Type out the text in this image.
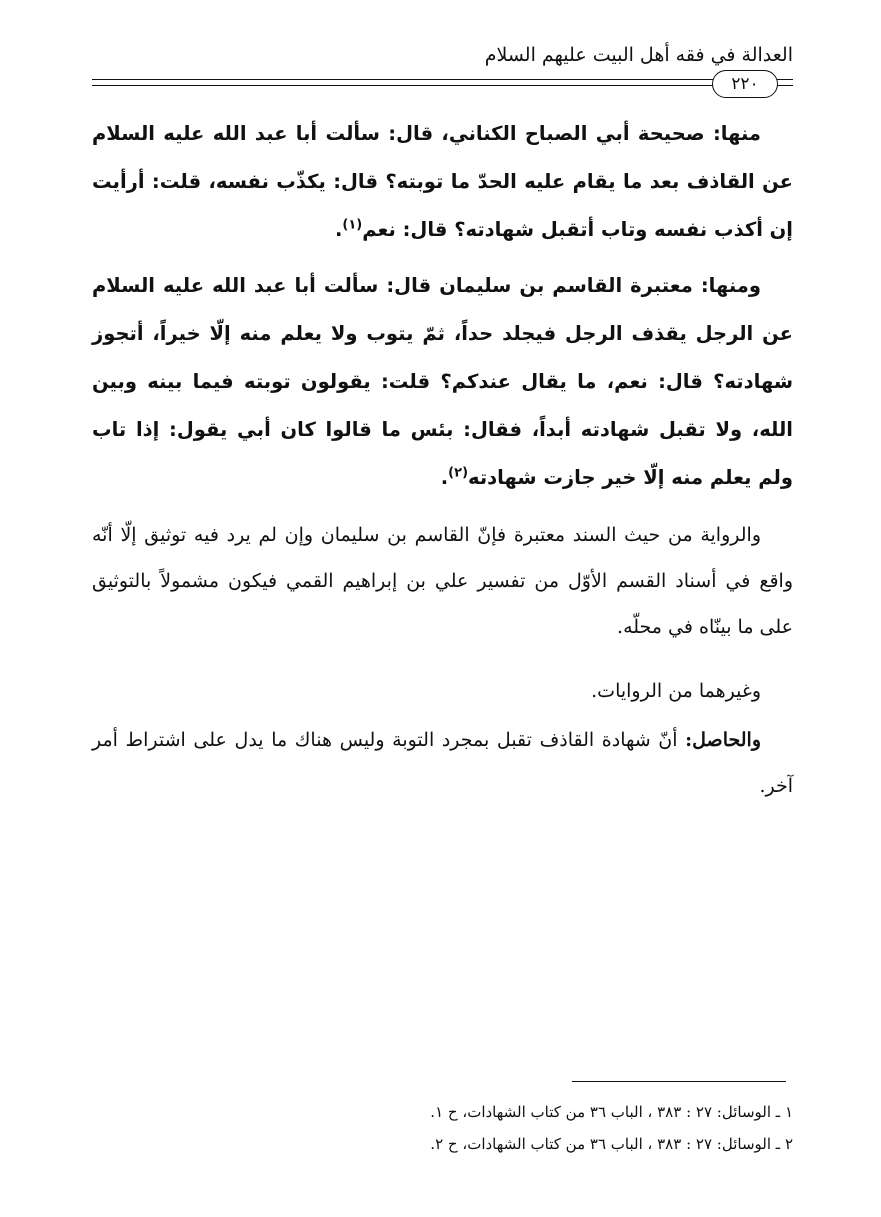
العدالة في فقه أهل البيت عليهم السلام
٢٢٠

منها: صحيحة أبي الصباح الكناني، قال: سألت أبا عبد الله عليه السلام عن القاذف بعد ما يقام عليه الحدّ ما توبته؟ قال: يكذّب نفسه، قلت: أرأيت إن أكذب نفسه وتاب أتقبل شهادته؟ قال: نعم$^{(١)}$.

ومنها: معتبرة القاسم بن سليمان قال: سألت أبا عبد الله عليه السلام عن الرجل يقذف الرجل فيجلد حداً، ثمّ يتوب ولا يعلم منه إلّا خيراً، أتجوز شهادته؟ قال: نعم، ما يقال عندكم؟ قلت: يقولون توبته فيما بينه وبين الله، ولا تقبل شهادته أبداً، فقال: بئس ما قالوا كان أبي يقول: إذا تاب ولم يعلم منه إلّا خير جازت شهادته$^{(٢)}$.

والرواية من حيث السند معتبرة فإنّ القاسم بن سليمان وإن لم يرد فيه توثيق إلّا أنّه واقع في أسناد القسم الأوّل من تفسير علي بن إبراهيم القمي فيكون مشمولاً بالتوثيق على ما بينّاه في محلّه.

وغيرهما من الروايات.

والحاصل: أنّ شهادة القاذف تقبل بمجرد التوبة وليس هناك ما يدل على اشتراط أمر آخر.

١ ـ الوسائل: ٢٧ : ٣٨٣ ، الباب ٣٦ من كتاب الشهادات، ح ١.

٢ ـ الوسائل: ٢٧ : ٣٨٣ ، الباب ٣٦ من كتاب الشهادات، ح ٢.
